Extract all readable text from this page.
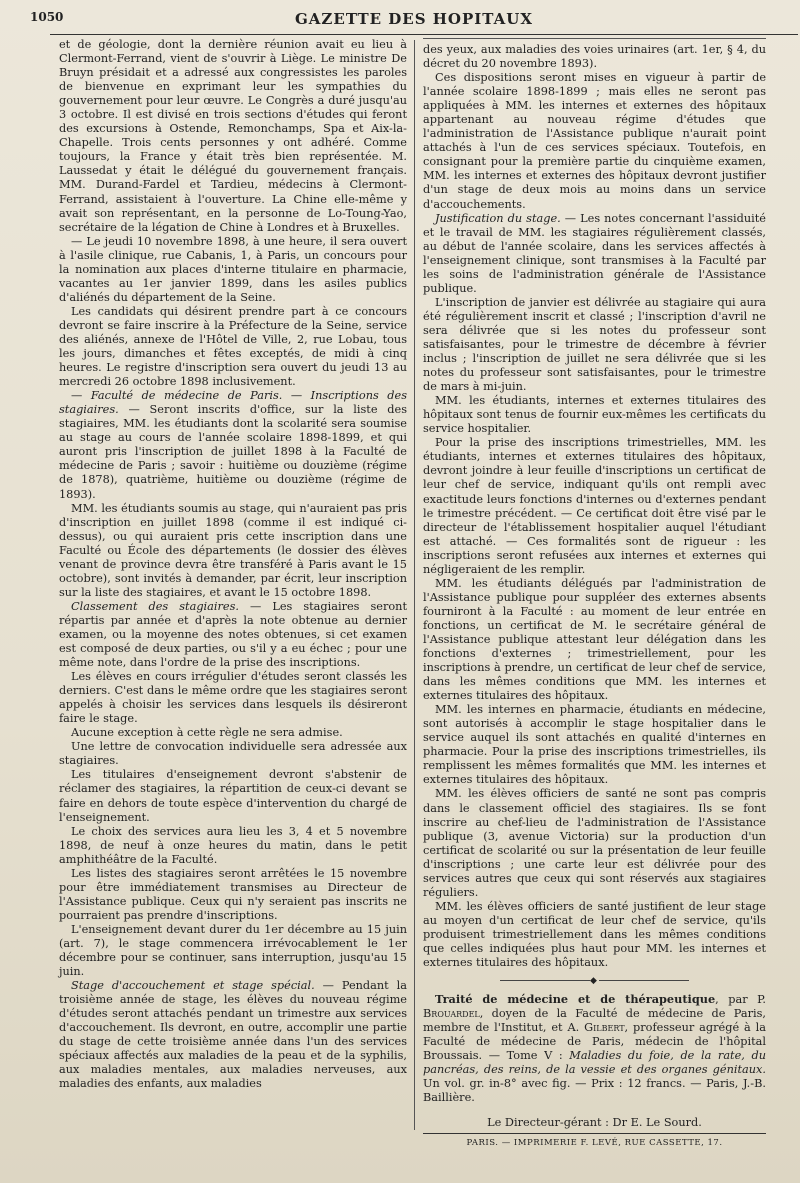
1050	GAZETTE DES HOPITAUX

et de géologie, dont la dernière réunion avait eu lieu à Clermont-Ferrand, vient de s'ouvrir à Liège. Le ministre De Bruyn présidait et a adressé aux congressistes les paroles de bienvenue en exprimant leur les sympathies du gouvernement pour leur œuvre. Le Congrès a duré jusqu'au 3 octobre. Il est divisé en trois sections d'études qui feront des excursions à Ostende, Remonchamps, Spa et Aix-la-Chapelle. Trois cents personnes y ont adhéré. Comme toujours, la France y était très bien représentée. M. Laussedat y était le délégué du gouvernement français. MM. Durand-Fardel et Tardieu, médecins à Clermont-Ferrand, assistaient à l'ouverture. La Chine elle-même y avait son représentant, en la personne de Lo-Toung-Yao, secrétaire de la légation de Chine à Londres et à Bruxelles.

— Le jeudi 10 novembre 1898, à une heure, il sera ouvert à l'asile clinique, rue Cabanis, 1, à Paris, un concours pour la nomination aux places d'interne titulaire en pharmacie, vacantes au 1er janvier 1899, dans les asiles publics d'aliénés du département de la Seine.

Les candidats qui désirent prendre part à ce concours devront se faire inscrire à la Préfecture de la Seine, service des aliénés, annexe de l'Hôtel de Ville, 2, rue Lobau, tous les jours, dimanches et fêtes exceptés, de midi à cinq heures. Le registre d'inscription sera ouvert du jeudi 13 au mercredi 26 octobre 1898 inclusivement.

— Faculté de médecine de Paris. — Inscriptions des stagiaires. — Seront inscrits d'office, sur la liste des stagiaires, MM. les étudiants dont la scolarité sera soumise au stage au cours de l'année scolaire 1898-1899, et qui auront pris l'inscription de juillet 1898 à la Faculté de médecine de Paris ; savoir : huitième ou douzième (régime de 1878), quatrième, huitième ou douzième (régime de 1893).

MM. les étudiants soumis au stage, qui n'auraient pas pris d'inscription en juillet 1898 (comme il est indiqué ci-dessus), ou qui auraient pris cette inscription dans une Faculté ou École des départements (le dossier des élèves venant de province devra être transféré à Paris avant le 15 octobre), sont invités à demander, par écrit, leur inscription sur la liste des stagiaires, et avant le 15 octobre 1898.

Classement des stagiaires. — Les stagiaires seront répartis par année et d'après la note obtenue au dernier examen, ou la moyenne des notes obtenues, si cet examen est composé de deux parties, ou s'il y a eu échec ; pour une même note, dans l'ordre de la prise des inscriptions.

Les élèves en cours irrégulier d'études seront classés les derniers. C'est dans le même ordre que les stagiaires seront appelés à choisir les services dans lesquels ils désireront faire le stage.

Aucune exception à cette règle ne sera admise.

Une lettre de convocation individuelle sera adressée aux stagiaires.

Les titulaires d'enseignement devront s'abstenir de réclamer des stagiaires, la répartition de ceux-ci devant se faire en dehors de toute espèce d'intervention du chargé de l'enseignement.

Le choix des services aura lieu les 3, 4 et 5 novembre 1898, de neuf à onze heures du matin, dans le petit amphithéâtre de la Faculté.

Les listes des stagiaires seront arrêtées le 15 novembre pour être immédiatement transmises au Directeur de l'Assistance publique. Ceux qui n'y seraient pas inscrits ne pourraient pas prendre d'inscriptions.

L'enseignement devant durer du 1er décembre au 15 juin (art. 7), le stage commencera irrévocablement le 1er décembre pour se continuer, sans interruption, jusqu'au 15 juin.

Stage d'accouchement et stage spécial. — Pendant la troisième année de stage, les élèves du nouveau régime d'études seront attachés pendant un trimestre aux services d'accouchement. Ils devront, en outre, accomplir une partie du stage de cette troisième année dans l'un des services spéciaux affectés aux maladies de la peau et de la syphilis, aux maladies mentales, aux maladies nerveuses, aux maladies des enfants, aux maladies

des yeux, aux maladies des voies urinaires (art. 1er, § 4, du décret du 20 novembre 1893).

Ces dispositions seront mises en vigueur à partir de l'année scolaire 1898-1899 ; mais elles ne seront pas appliquées à MM. les internes et externes des hôpitaux appartenant au nouveau régime d'études que l'administration de l'Assistance publique n'aurait point attachés à l'un de ces services spéciaux. Toutefois, en consignant pour la première partie du cinquième examen, MM. les internes et externes des hôpitaux devront justifier d'un stage de deux mois au moins dans un service d'accouchements.

Justification du stage. — Les notes concernant l'assiduité et le travail de MM. les stagiaires régulièrement classés, au début de l'année scolaire, dans les services affectés à l'enseignement clinique, sont transmises à la Faculté par les soins de l'administration générale de l'Assistance publique.

L'inscription de janvier est délivrée au stagiaire qui aura été régulièrement inscrit et classé ; l'inscription d'avril ne sera délivrée que si les notes du professeur sont satisfaisantes, pour le trimestre de décembre à février inclus ; l'inscription de juillet ne sera délivrée que si les notes du professeur sont satisfaisantes, pour le trimestre de mars à mi-juin.

MM. les étudiants, internes et externes titulaires des hôpitaux sont tenus de fournir eux-mêmes les certificats du service hospitalier.

Pour la prise des inscriptions trimestrielles, MM. les étudiants, internes et externes titulaires des hôpitaux, devront joindre à leur feuille d'inscriptions un certificat de leur chef de service, indiquant qu'ils ont rempli avec exactitude leurs fonctions d'internes ou d'externes pendant le trimestre précédent. — Ce certificat doit être visé par le directeur de l'établissement hospitalier auquel l'étudiant est attaché. — Ces formalités sont de rigueur : les inscriptions seront refusées aux internes et externes qui négligeraient de les remplir.

MM. les étudiants délégués par l'administration de l'Assistance publique pour suppléer des externes absents fourniront à la Faculté : au moment de leur entrée en fonctions, un certificat de M. le secrétaire général de l'Assistance publique attestant leur délégation dans les fonctions d'externes ; trimestriellement, pour les inscriptions à prendre, un certificat de leur chef de service, dans les mêmes conditions que MM. les internes et externes titulaires des hôpitaux.

MM. les internes en pharmacie, étudiants en médecine, sont autorisés à accomplir le stage hospitalier dans le service auquel ils sont attachés en qualité d'internes en pharmacie. Pour la prise des inscriptions trimestrielles, ils remplissent les mêmes formalités que MM. les internes et externes titulaires des hôpitaux.

MM. les élèves officiers de santé ne sont pas compris dans le classement officiel des stagiaires. Ils se font inscrire au chef-lieu de l'administration de l'Assistance publique (3, avenue Victoria) sur la production d'un certificat de scolarité ou sur la présentation de leur feuille d'inscriptions ; une carte leur est délivrée pour des services autres que ceux qui sont réservés aux stagiaires réguliers.

MM. les élèves officiers de santé justifient de leur stage au moyen d'un certificat de leur chef de service, qu'ils produisent trimestriellement dans les mêmes conditions que celles indiquées plus haut pour MM. les internes et externes titulaires des hôpitaux.

◆

Traité de médecine et de thérapeutique, par P. Brouardel, doyen de la Faculté de médecine de Paris, membre de l'Institut, et A. Gilbert, professeur agrégé à la Faculté de médecine de Paris, médecin de l'hôpital Broussais. — Tome V : Maladies du foie, de la rate, du pancréas, des reins, de la vessie et des organes génitaux. Un vol. gr. in-8° avec fig. — Prix : 12 francs. — Paris, J.-B. Baillière.

Le Directeur-gérant : Dr E. Le Sourd.
PARIS. — IMPRIMERIE F. LEVÉ, RUE CASSETTE, 17.
